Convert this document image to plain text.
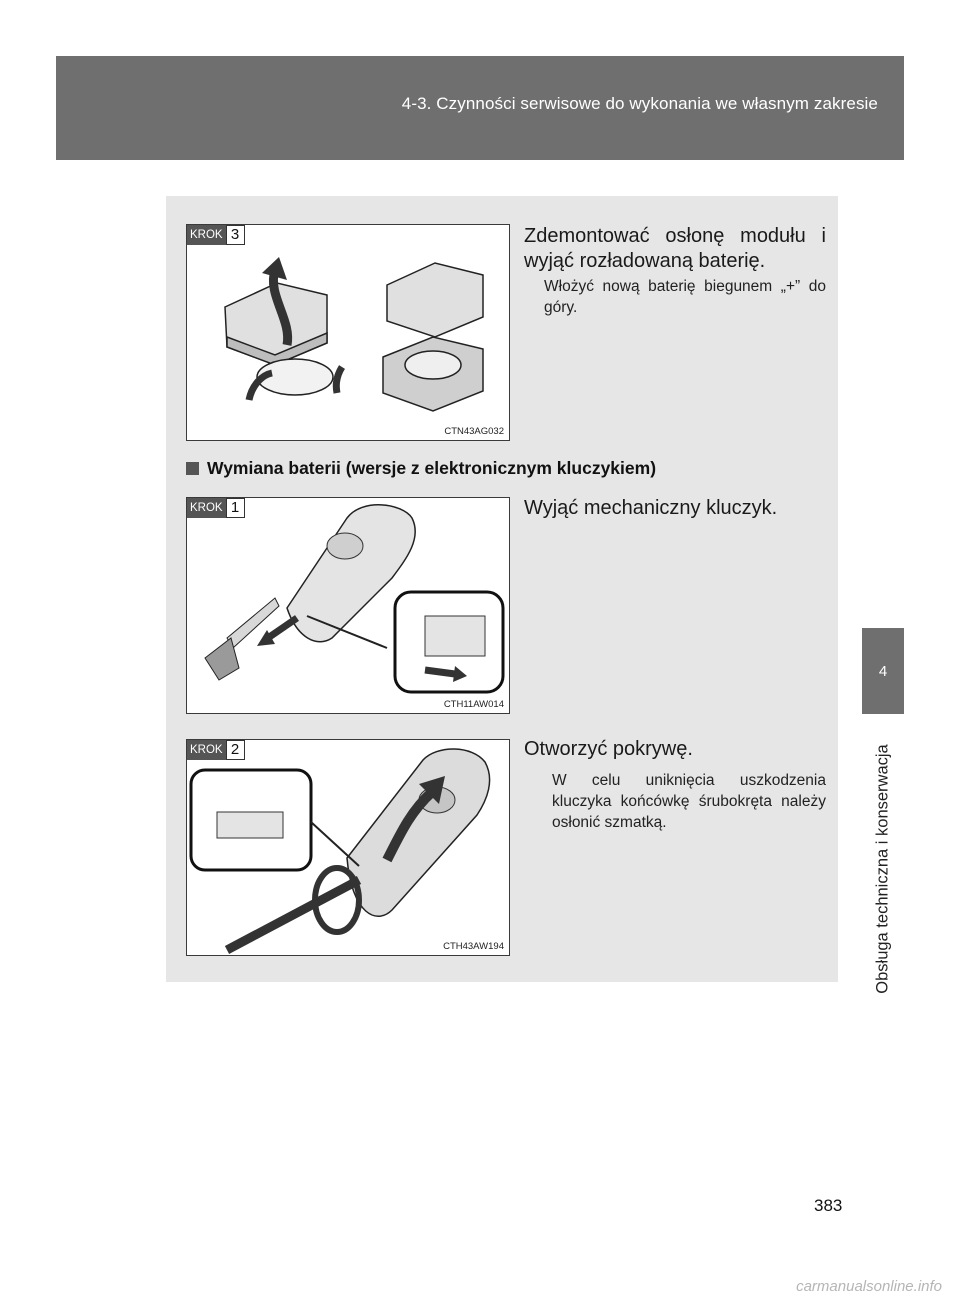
4-3. Czynności serwisowe do wykonania we własnym zakresie
4
Obsługa techniczna i konserwacja
KROK 3
CTN43AG032
Zdemontować osłonę modułu i wyjąć rozładowaną baterię.
Włożyć nową baterię biegunem „+” do góry.
Wymiana baterii (wersje z elektronicznym kluczykiem)
KROK 1
CTH11AW014
Wyjąć mechaniczny kluczyk.
KROK 2
CTH43AW194
Otworzyć pokrywę.
W celu uniknięcia uszkodzenia kluczyka końcówkę śrubokręta należy osłonić szmatką.
383
carmanualsonline.info
